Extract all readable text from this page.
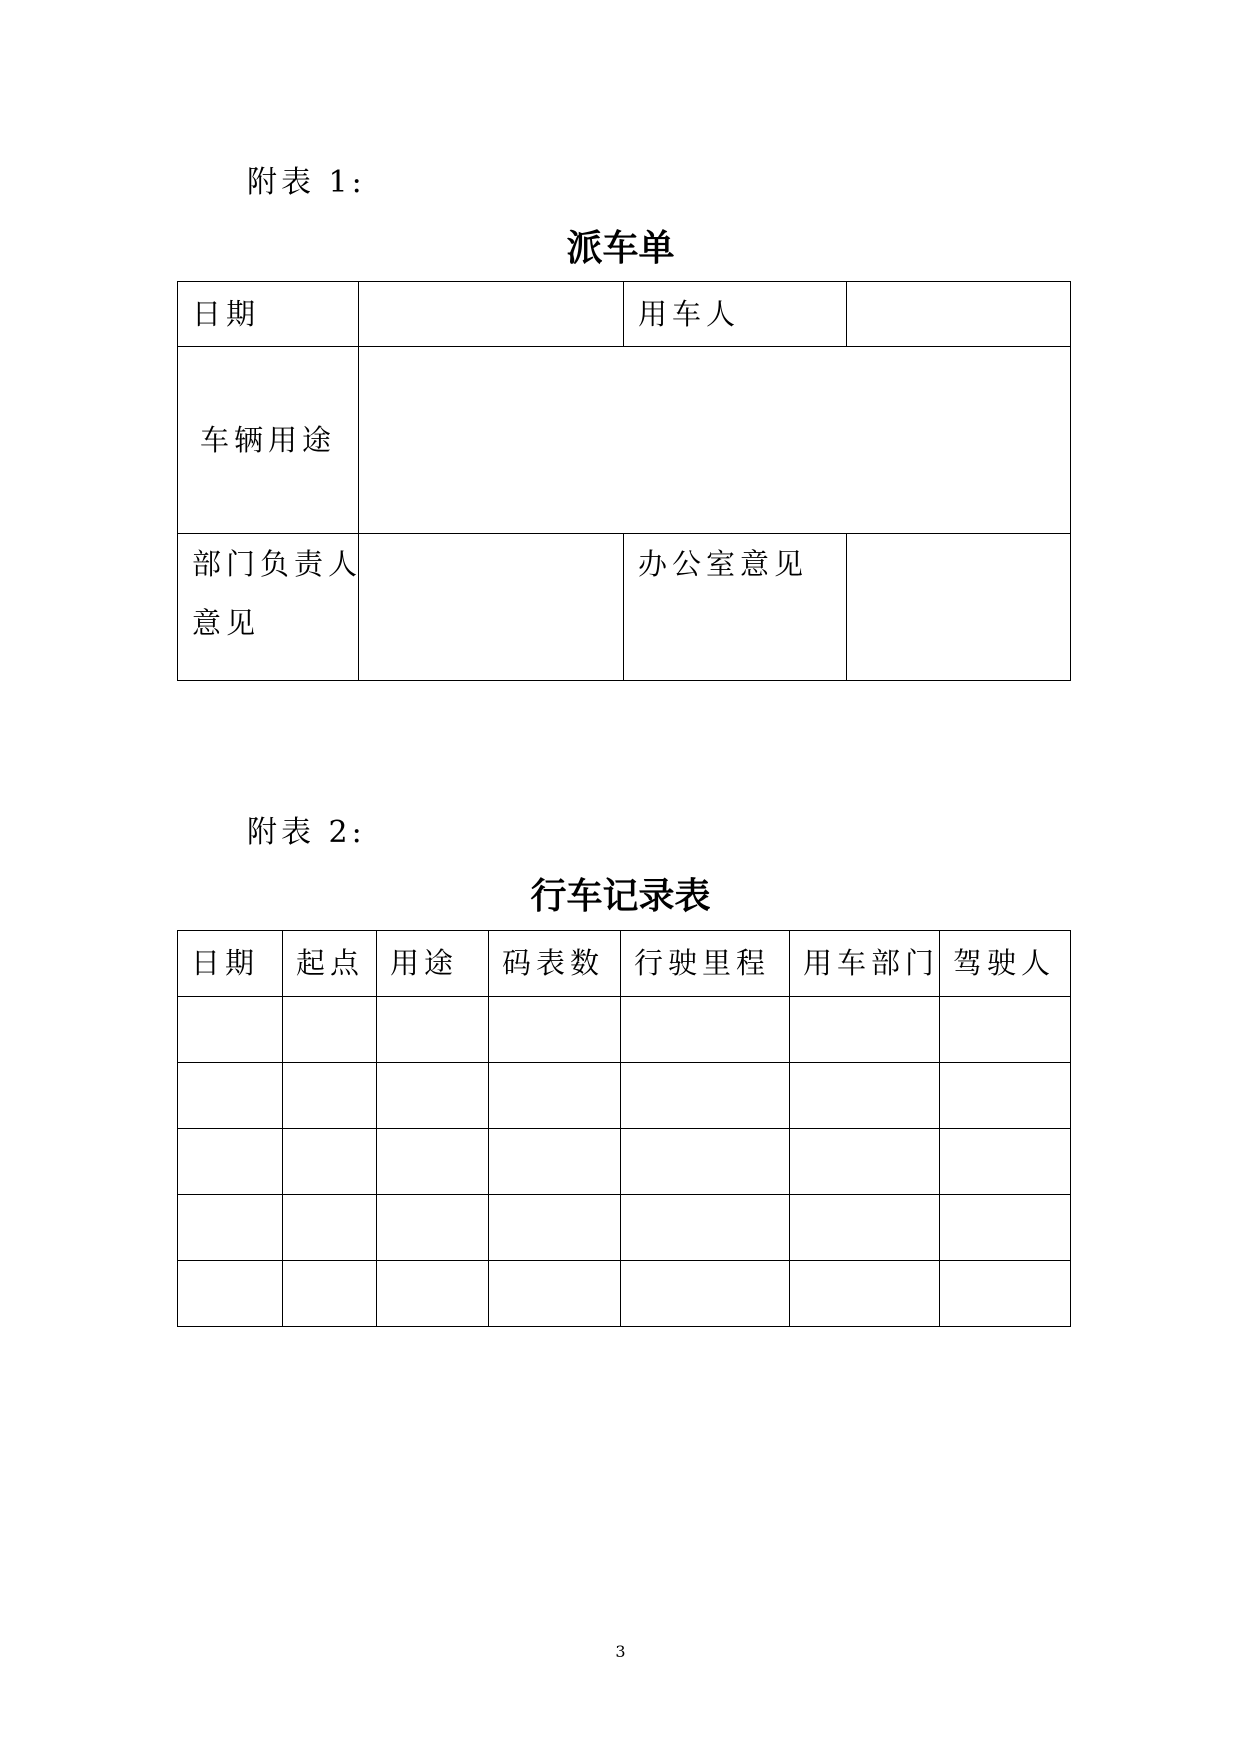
附表 1:
派车单
日期		用车人	
车辆用途			

部门负责人
意见		办公室意见	
附表 2:
行车记录表
日期	起点	用途	码表数	行驶里程	用车部门	驾驶人

3
